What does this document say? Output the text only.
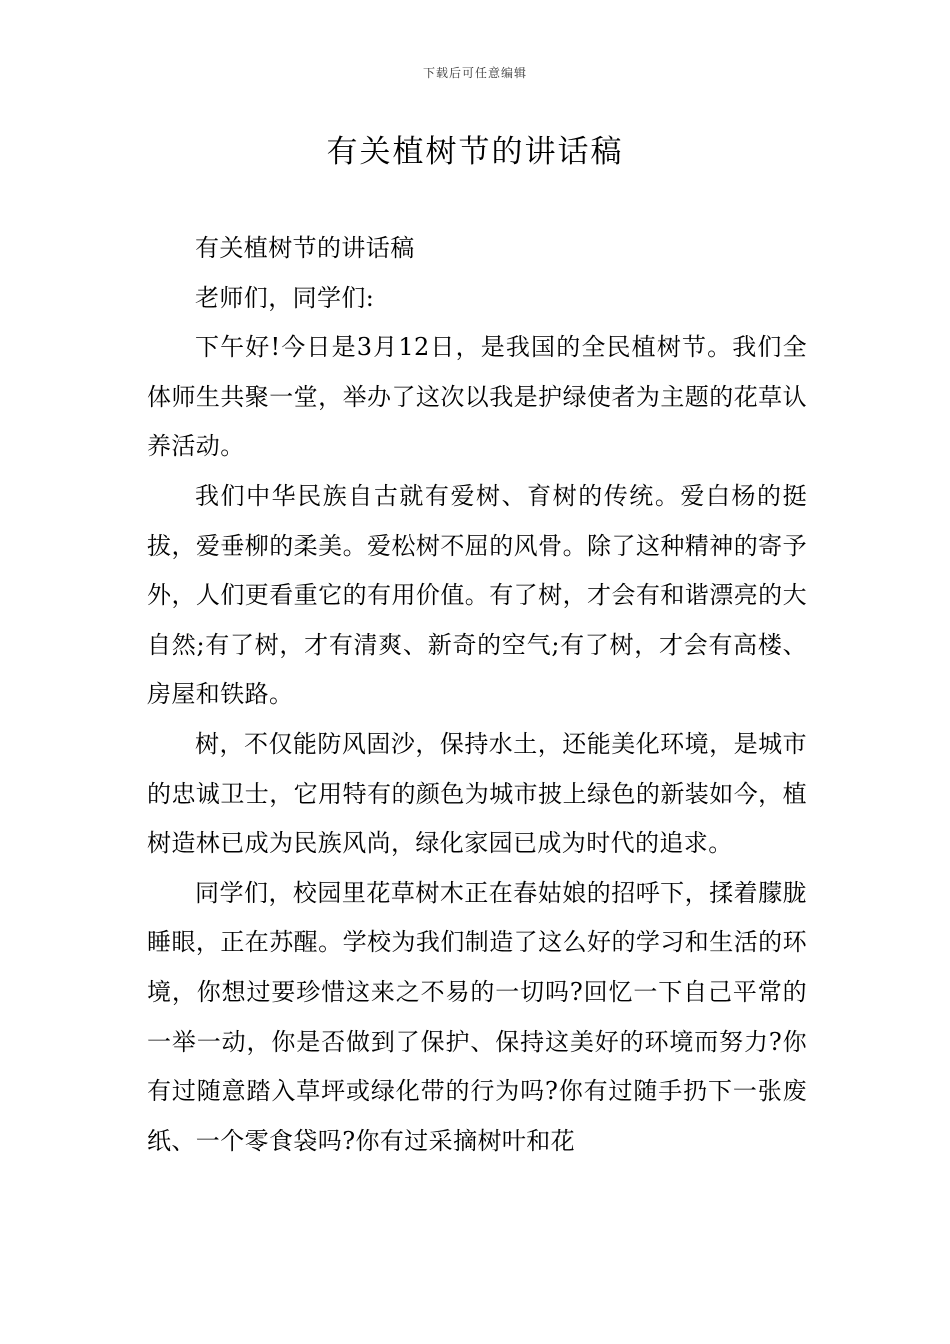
下载后可任意编辑
有关植树节的讲话稿

有关植树节的讲话稿

老师们，同学们:

下午好!今日是3月12日，是我国的全民植树节。我们全体师生共聚一堂，举办了这次以我是护绿使者为主题的花草认养活动。

我们中华民族自古就有爱树、育树的传统。爱白杨的挺拔，爱垂柳的柔美。爱松树不屈的风骨。除了这种精神的寄予外，人们更看重它的有用价值。有了树，才会有和谐漂亮的大自然;有了树，才有清爽、新奇的空气;有了树，才会有高楼、房屋和铁路。

树，不仅能防风固沙，保持水土，还能美化环境，是城市的忠诚卫士，它用特有的颜色为城市披上绿色的新装如今，植树造林已成为民族风尚，绿化家园已成为时代的追求。

同学们，校园里花草树木正在春姑娘的招呼下，揉着朦胧睡眼，正在苏醒。学校为我们制造了这么好的学习和生活的环境，你想过要珍惜这来之不易的一切吗?回忆一下自己平常的一举一动，你是否做到了保护、保持这美好的环境而努力?你有过随意踏入草坪或绿化带的行为吗?你有过随手扔下一张废纸、一个零食袋吗?你有过采摘树叶和花
